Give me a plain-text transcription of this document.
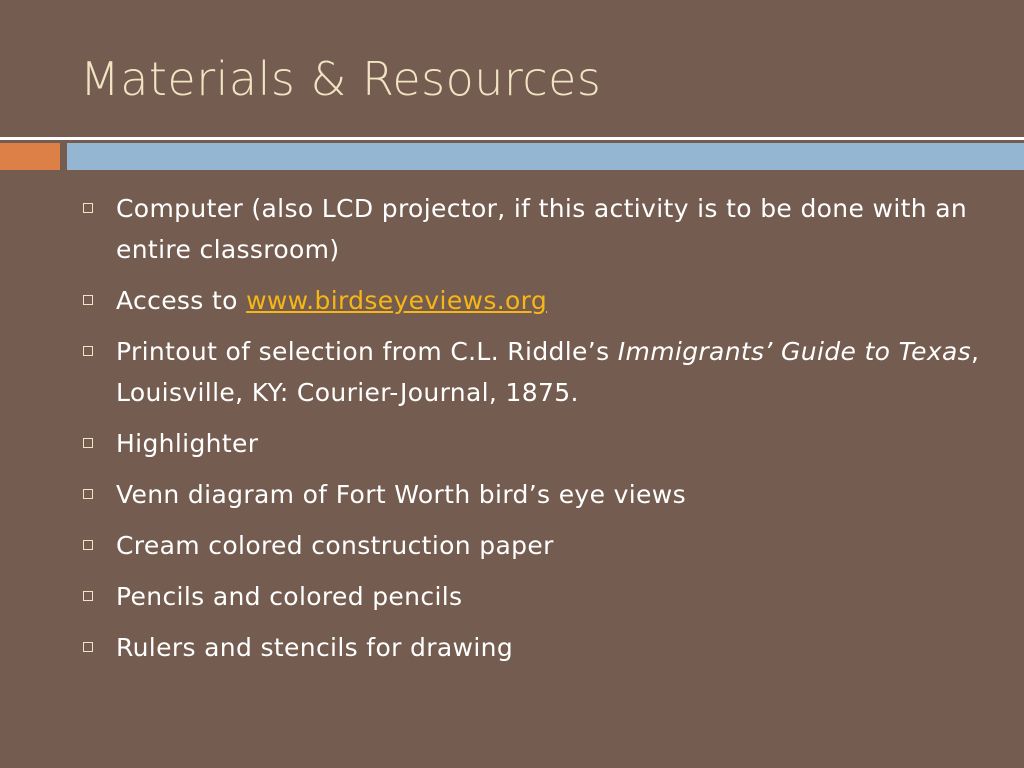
Materials & Resources
Computer (also LCD projector, if this activity is to be done with an entire classroom)
Access to www.birdseyeviews.org
Printout of selection from C.L. Riddle’s Immigrants’ Guide to Texas, Louisville, KY: Courier-Journal, 1875.
Highlighter
Venn diagram of Fort Worth bird’s eye views
Cream colored construction paper
Pencils and colored pencils
Rulers and stencils for drawing
